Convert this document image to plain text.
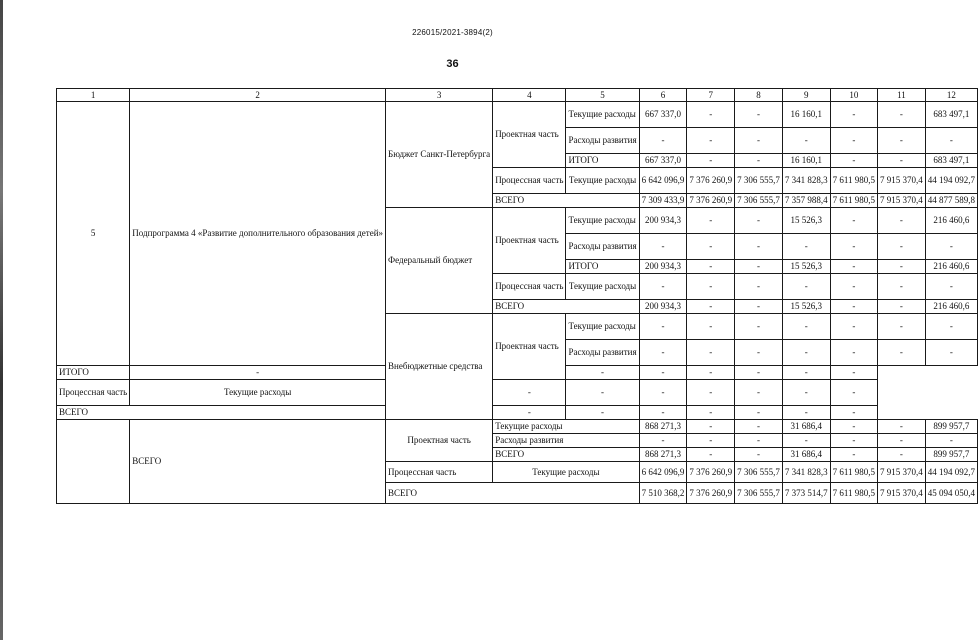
226015/2021-3894(2)
36
1	2	3	4	5	6	7	8	9	10	11	12
5	Подпрограмма 4 «Развитие дополнительного образования детей»	Бюджет Санкт-Петербурга	Проектная часть	Текущие расходы	667 337,0	-	-	16 160,1	-	-	683 497,1
				Расходы развития	-	-	-	-	-	-	-
				ИТОГО	667 337,0	-	-	16 160,1	-	-	683 497,1
			Процессная часть	Текущие расходы	6 642 096,9	7 376 260,9	7 306 555,7	7 341 828,3	7 611 980,5	7 915 370,4	44 194 092,7
			ВСЕГО		7 309 433,9	7 376 260,9	7 306 555,7	7 357 988,4	7 611 980,5	7 915 370,4	44 877 589,8
		Федеральный бюджет	Проектная часть	Текущие расходы	200 934,3	-	-	15 526,3	-	-	216 460,6
				Расходы развития	-	-	-	-	-	-	-
				ИТОГО	200 934,3	-	-	15 526,3	-	-	216 460,6
			Процессная часть	Текущие расходы	-	-	-	-	-	-	-
			ВСЕГО		200 934,3	-	-	15 526,3	-	-	216 460,6
		Внебюджетные средства	Проектная часть	Текущие расходы	-	-	-	-	-	-	-
				Расходы развития	-	-	-	-	-	-	-
ИТОГО	-			-	-	-	-	-	-		
Процессная часть	Текущие расходы		-	-	-	-	-	-	-		
ВСЕГО			-	-	-	-	-	-	-		
	ВСЕГО	Проектная часть	Текущие расходы		868 271,3	-	-	31 686,4	-	-	899 957,7
			Расходы развития		-	-	-	-	-	-	-
			ВСЕГО		868 271,3	-	-	31 686,4	-	-	899 957,7
		Процессная часть	Текущие расходы		6 642 096,9	7 376 260,9	7 306 555,7	7 341 828,3	7 611 980,5	7 915 370,4	44 194 092,7
		ВСЕГО			7 510 368,2	7 376 260,9	7 306 555,7	7 373 514,7	7 611 980,5	7 915 370,4	45 094 050,4
